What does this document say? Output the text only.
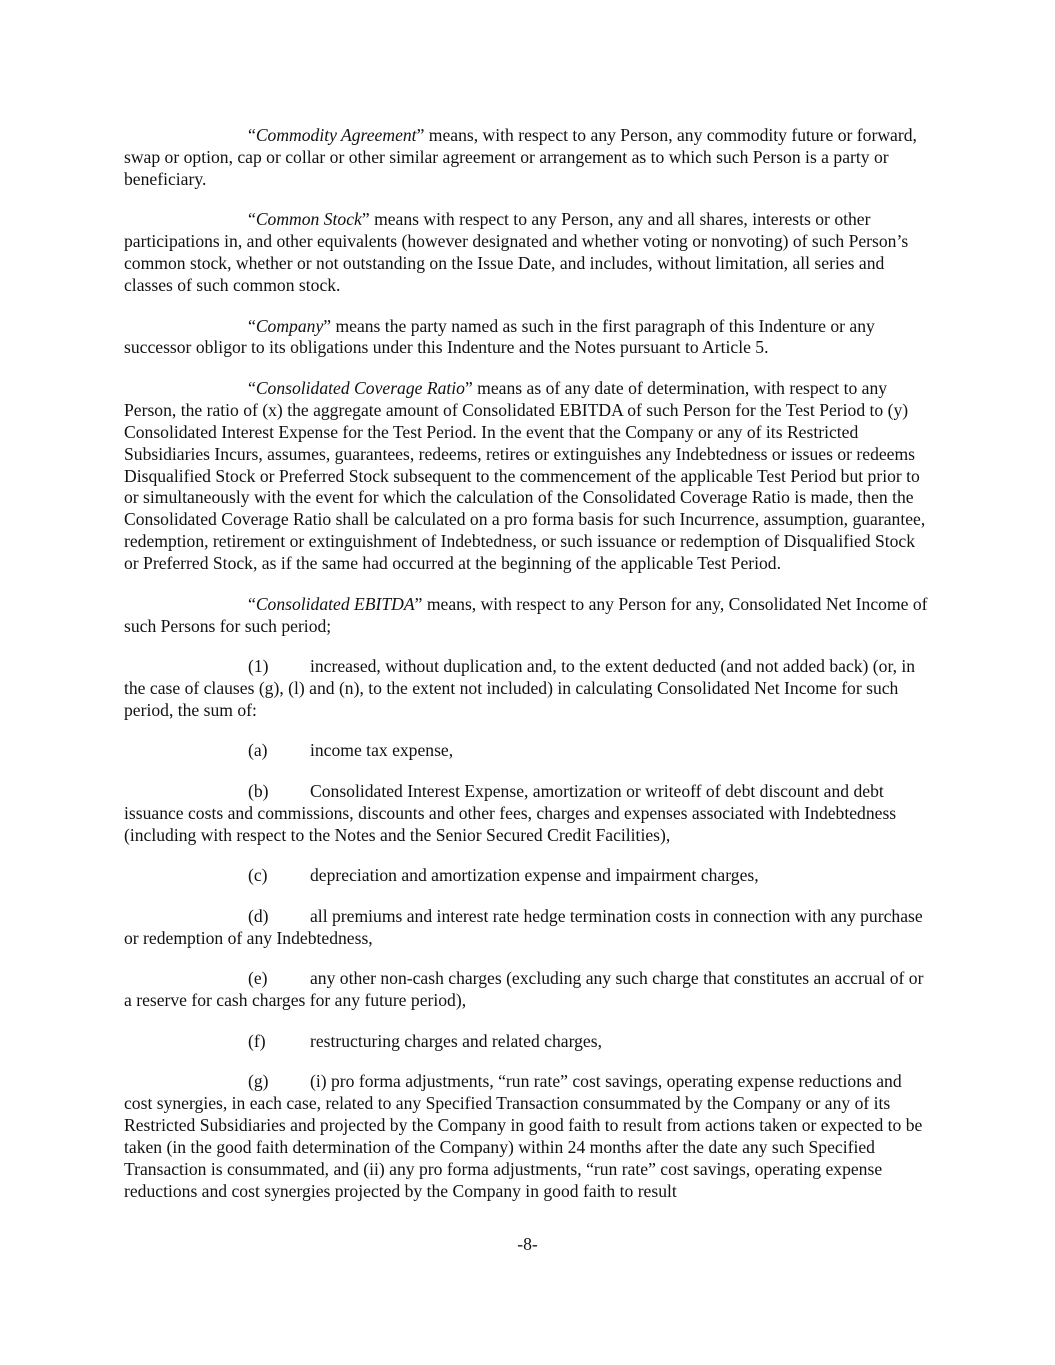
“Commodity Agreement” means, with respect to any Person, any commodity future or forward, swap or option, cap or collar or other similar agreement or arrangement as to which such Person is a party or beneficiary.

“Common Stock” means with respect to any Person, any and all shares, interests or other participations in, and other equivalents (however designated and whether voting or nonvoting) of such Person’s common stock, whether or not outstanding on the Issue Date, and includes, without limitation, all series and classes of such common stock.

“Company” means the party named as such in the first paragraph of this Indenture or any successor obligor to its obligations under this Indenture and the Notes pursuant to Article 5.

“Consolidated Coverage Ratio” means as of any date of determination, with respect to any Person, the ratio of (x) the aggregate amount of Consolidated EBITDA of such Person for the Test Period to (y) Consolidated Interest Expense for the Test Period. In the event that the Company or any of its Restricted Subsidiaries Incurs, assumes, guarantees, redeems, retires or extinguishes any Indebtedness or issues or redeems Disqualified Stock or Preferred Stock subsequent to the commencement of the applicable Test Period but prior to or simultaneously with the event for which the calculation of the Consolidated Coverage Ratio is made, then the Consolidated Coverage Ratio shall be calculated on a pro forma basis for such Incurrence, assumption, guarantee, redemption, retirement or extinguishment of Indebtedness, or such issuance or redemption of Disqualified Stock or Preferred Stock, as if the same had occurred at the beginning of the applicable Test Period.

“Consolidated EBITDA” means, with respect to any Person for any, Consolidated Net Income of such Persons for such period;

(1) increased, without duplication and, to the extent deducted (and not added back) (or, in the case of clauses (g), (l) and (n), to the extent not included) in calculating Consolidated Net Income for such period, the sum of:

(a) income tax expense,

(b) Consolidated Interest Expense, amortization or writeoff of debt discount and debt issuance costs and commissions, discounts and other fees, charges and expenses associated with Indebtedness (including with respect to the Notes and the Senior Secured Credit Facilities),

(c) depreciation and amortization expense and impairment charges,

(d) all premiums and interest rate hedge termination costs in connection with any purchase or redemption of any Indebtedness,

(e) any other non-cash charges (excluding any such charge that constitutes an accrual of or a reserve for cash charges for any future period),

(f)	restructuring charges and related charges,

(g) (i) pro forma adjustments, “run rate” cost savings, operating expense reductions and cost synergies, in each case, related to any Specified Transaction consummated by the Company or any of its Restricted Subsidiaries and projected by the Company in good faith to result from actions taken or expected to be taken (in the good faith determination of the Company) within 24 months after the date any such Specified Transaction is consummated, and (ii) any pro forma adjustments, “run rate” cost savings, operating expense reductions and cost synergies projected by the Company in good faith to result

-8-
